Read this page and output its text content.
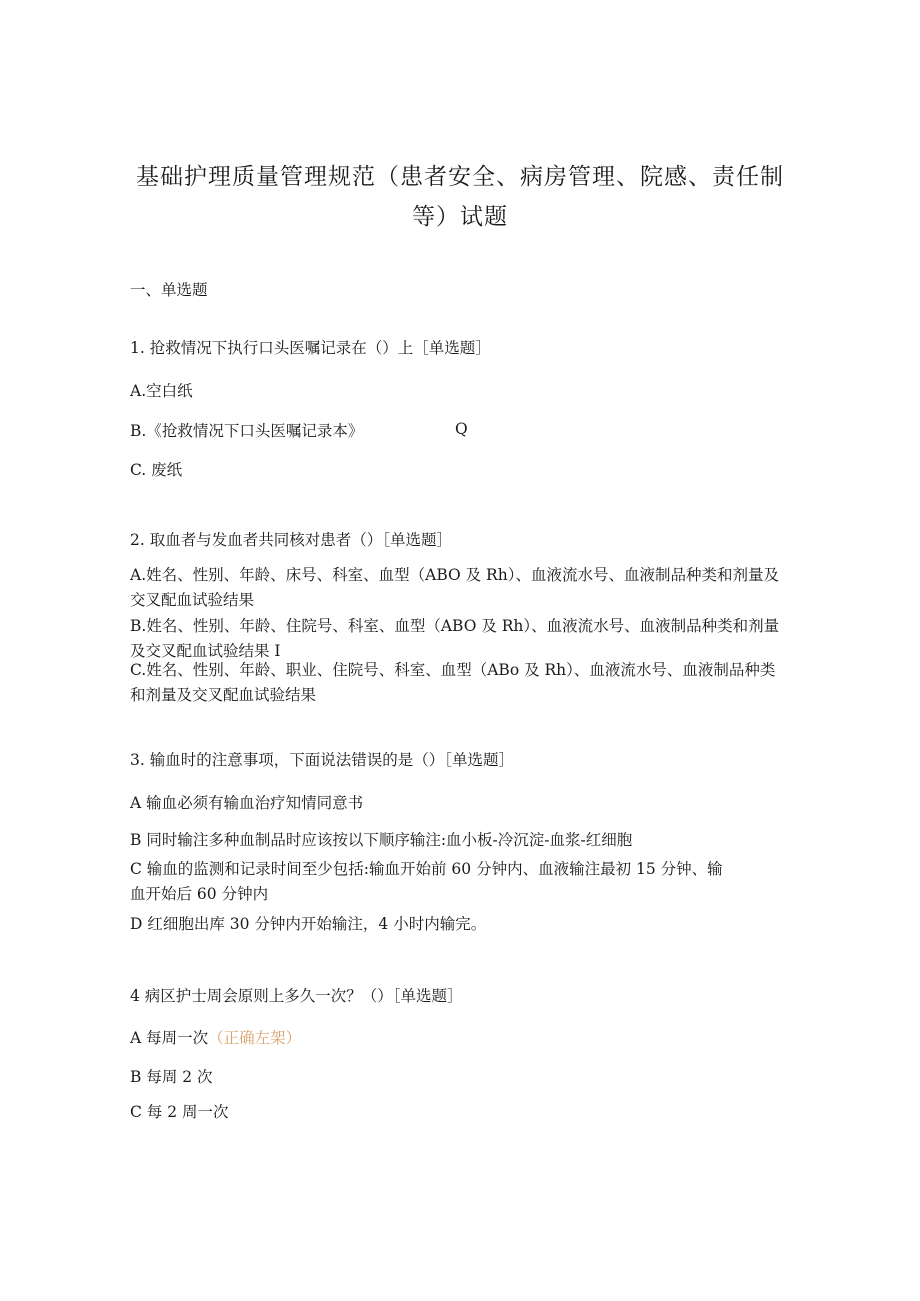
基础护理质量管理规范（患者安全、病房管理、院感、责任制
等）试题
一、单选题
1. 抢救情况下执行口头医嘱记录在（）上［单选题］
A.空白纸
B.《抢救情况下口头医嘱记录本》	Q
C. 废纸
2. 取血者与发血者共同核对患者（）［单选题］
A.姓名、性别、年龄、床号、科室、血型（ABO 及 Rh）、血液流水号、血液制品种类和剂量及交叉配血试验结果
B.姓名、性别、年龄、住院号、科室、血型（ABO 及 Rh）、血液流水号、血液制品种类和剂量及交叉配血试验结果 I
C.姓名、性别、年龄、职业、住院号、科室、血型（ABo 及 Rh）、血液流水号、血液制品种类和剂量及交叉配血试验结果
3. 输血时的注意事项，下面说法错误的是（）［单选题］
A 输血必须有输血治疗知情同意书
B 同时输注多种血制品时应该按以下顺序输注:血小板-冷沉淀-血浆-红细胞
C 输血的监测和记录时间至少包括:输血开始前 60 分钟内、血液输注最初 15 分钟、输血开始后 60 分钟内
D 红细胞出库 30 分钟内开始输注，4 小时内输完。
4 病区护士周会原则上多久一次？（）［单选题］
A 每周一次（正确左架）
B 每周 2 次
C 每 2 周一次
